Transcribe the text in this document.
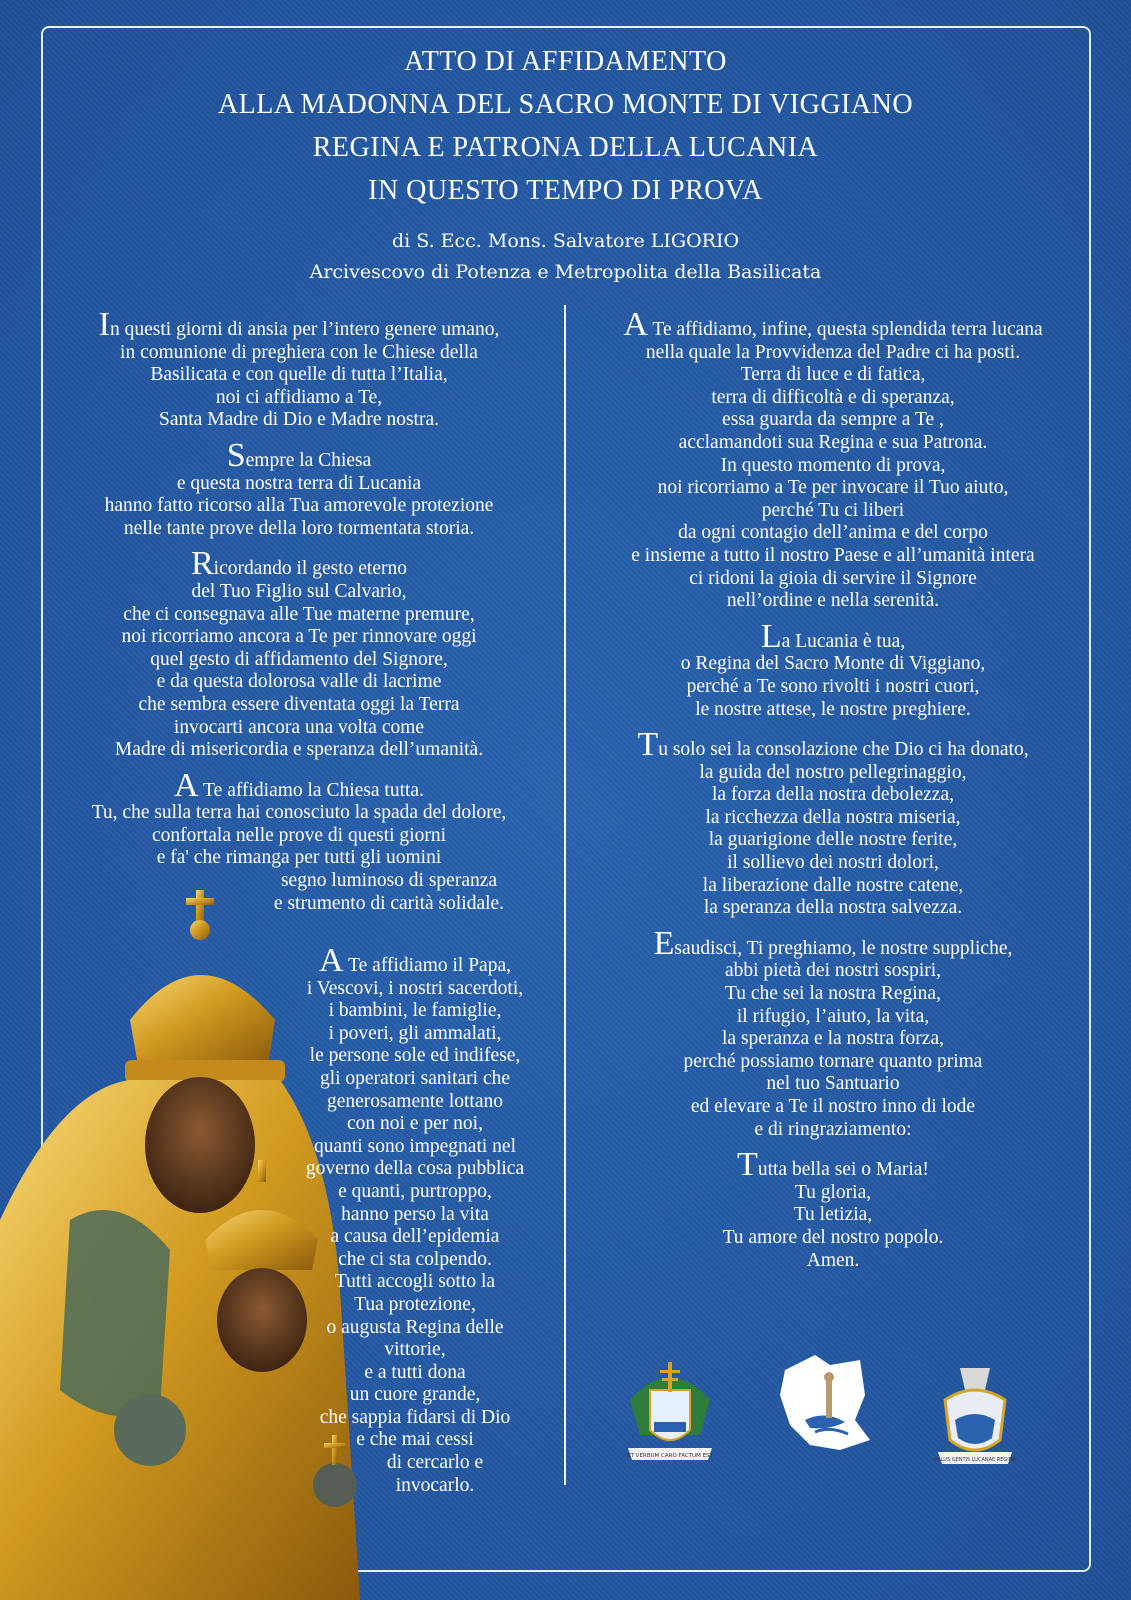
ATTO DI AFFIDAMENTO
ALLA MADONNA DEL SACRO MONTE DI VIGGIANO
REGINA E PATRONA DELLA LUCANIA
IN QUESTO TEMPO DI PROVA
di S. Ecc. Mons. Salvatore LIGORIO
Arcivescovo di Potenza e Metropolita della Basilicata
In questi giorni di ansia per l’intero genere umano,
in comunione di preghiera con le Chiese della
Basilicata e con quelle di tutta l’Italia,
noi ci affidiamo a Te,
Santa Madre di Dio e Madre nostra.
Sempre la Chiesa
e questa nostra terra di Lucania
hanno fatto ricorso alla Tua amorevole protezione
nelle tante prove della loro tormentata storia.
Ricordando il gesto eterno
del Tuo Figlio sul Calvario,
che ci consegnava alle Tue materne premure,
noi ricorriamo ancora a Te per rinnovare oggi
quel gesto di affidamento del Signore,
e da questa dolorosa valle di lacrime
che sembra essere diventata oggi la Terra
invocarti ancora una volta come
Madre di misericordia e speranza dell’umanità.
A Te affidiamo la Chiesa tutta.
Tu, che sulla terra hai conosciuto la spada del dolore,
confortala nelle prove di questi giorni
e fa' che rimanga per tutti gli uomini
segno luminoso di speranza
e strumento di carità solidale.
A Te affidiamo il Papa,
i Vescovi, i nostri sacerdoti,
i bambini, le famiglie,
i poveri, gli ammalati,
le persone sole ed indifese,
gli operatori sanitari che
generosamente lottano
con noi e per noi,
quanti sono impegnati nel
governo della cosa pubblica
e quanti, purtroppo,
hanno perso la vita
a causa dell’epidemia
che ci sta colpendo.
Tutti accogli sotto la
Tua protezione,
o augusta Regina delle
vittorie,
e a tutti dona
un cuore grande,
che sappia fidarsi di Dio
e che mai cessi
di cercarlo e
invocarlo.
A Te affidiamo, infine, questa splendida terra lucana
nella quale la Provvidenza del Padre ci ha posti.
Terra di luce e di fatica,
terra di difficoltà e di speranza,
essa guarda da sempre a Te ,
acclamandoti sua Regina e sua Patrona.
In questo momento di prova,
noi ricorriamo a Te per invocare il Tuo aiuto,
perché Tu ci liberi
da ogni contagio dell’anima e del corpo
e insieme a tutto il nostro Paese e all’umanità intera
ci ridoni la gioia di servire il Signore
nell’ordine e nella serenità.
La Lucania è tua,
o Regina del Sacro Monte di Viggiano,
perché a Te sono rivolti i nostri cuori,
le nostre attese, le nostre preghiere.
Tu solo sei la consolazione che Dio ci ha donato,
la guida del nostro pellegrinaggio,
la forza della nostra debolezza,
la ricchezza della nostra miseria,
la guarigione delle nostre ferite,
il sollievo dei nostri dolori,
la liberazione dalle nostre catene,
la speranza della nostra salvezza.
Esaudisci, Ti preghiamo, le nostre suppliche,
abbi pietà dei nostri sospiri,
Tu che sei la nostra Regina,
il rifugio, l’aiuto, la vita,
la speranza e la nostra forza,
perché possiamo tornare quanto prima
nel tuo Santuario
ed elevare a Te il nostro inno di lode
e di ringraziamento:
Tutta bella sei o Maria!
Tu gloria,
Tu letizia,
Tu amore del nostro popolo.
Amen.
ET VERBUM CARO FACTUM EST
SALUS GENTIS LUCANAE REGINA
